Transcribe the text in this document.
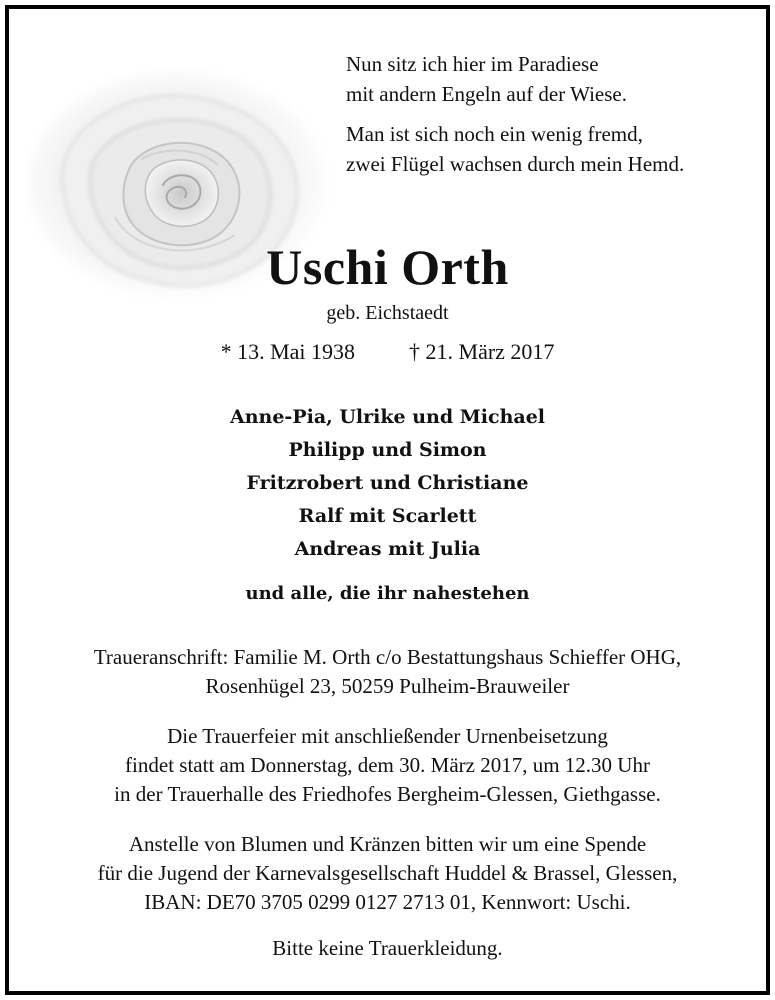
Nun sitz ich hier im Paradiese
mit andern Engeln auf der Wiese.
Man ist sich noch ein wenig fremd,
zwei Flügel wachsen durch mein Hemd.
Uschi Orth
geb. Eichstaedt
* 13. Mai 1938 † 21. März 2017
Anne-Pia, Ulrike und Michael
Philipp und Simon
Fritzrobert und Christiane
Ralf mit Scarlett
Andreas mit Julia
und alle, die ihr nahestehen
Traueranschrift: Familie M. Orth c/o Bestattungshaus Schieffer OHG,
Rosenhügel 23, 50259 Pulheim-Brauweiler
Die Trauerfeier mit anschließender Urnenbeisetzung
findet statt am Donnerstag, dem 30. März 2017, um 12.30 Uhr
in der Trauerhalle des Friedhofes Bergheim-Glessen, Giethgasse.
Anstelle von Blumen und Kränzen bitten wir um eine Spende
für die Jugend der Karnevalsgesellschaft Huddel & Brassel, Glessen,
IBAN: DE70 3705 0299 0127 2713 01, Kennwort: Uschi.
Bitte keine Trauerkleidung.
